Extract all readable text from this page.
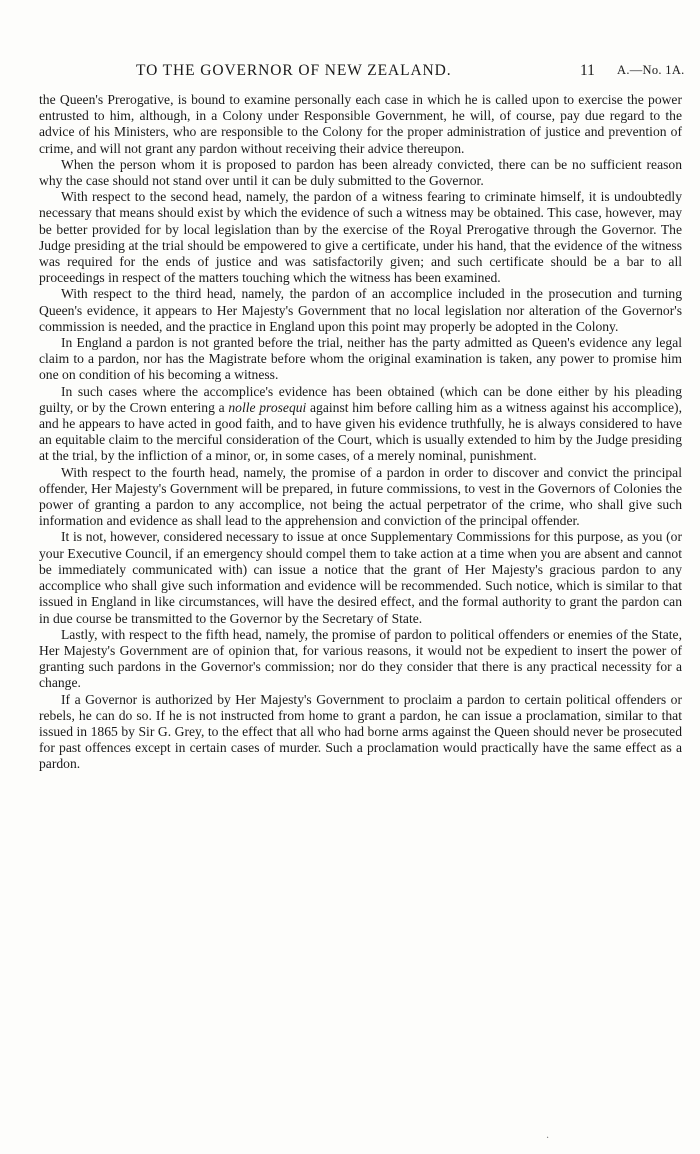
TO THE GOVERNOR OF NEW ZEALAND.	11 A.—No. 1A.

the Queen's Prerogative, is bound to examine personally each case in which he is called upon to exercise the power entrusted to him, although, in a Colony under Responsible Government, he will, of course, pay due regard to the advice of his Ministers, who are responsible to the Colony for the proper administration of justice and prevention of crime, and will not grant any pardon without receiving their advice thereupon.

When the person whom it is proposed to pardon has been already convicted, there can be no sufficient reason why the case should not stand over until it can be duly submitted to the Governor.

With respect to the second head, namely, the pardon of a witness fearing to criminate himself, it is undoubtedly necessary that means should exist by which the evidence of such a witness may be obtained. This case, however, may be better provided for by local legislation than by the exercise of the Royal Prerogative through the Governor. The Judge presiding at the trial should be empowered to give a certificate, under his hand, that the evidence of the witness was required for the ends of justice and was satisfactorily given; and such certificate should be a bar to all proceedings in respect of the matters touching which the witness has been examined.

With respect to the third head, namely, the pardon of an accomplice included in the prosecution and turning Queen's evidence, it appears to Her Majesty's Government that no local legislation nor alteration of the Governor's commission is needed, and the practice in England upon this point may properly be adopted in the Colony.

In England a pardon is not granted before the trial, neither has the party admitted as Queen's evidence any legal claim to a pardon, nor has the Magistrate before whom the original examination is taken, any power to promise him one on condition of his becoming a witness.

In such cases where the accomplice's evidence has been obtained (which can be done either by his pleading guilty, or by the Crown entering a nolle prosequi against him before calling him as a witness against his accomplice), and he appears to have acted in good faith, and to have given his evidence truthfully, he is always considered to have an equitable claim to the merciful consideration of the Court, which is usually extended to him by the Judge presiding at the trial, by the infliction of a minor, or, in some cases, of a merely nominal, punishment.

With respect to the fourth head, namely, the promise of a pardon in order to discover and convict the principal offender, Her Majesty's Government will be prepared, in future commissions, to vest in the Governors of Colonies the power of granting a pardon to any accomplice, not being the actual perpetrator of the crime, who shall give such information and evidence as shall lead to the apprehension and conviction of the principal offender.

It is not, however, considered necessary to issue at once Supplementary Commissions for this purpose, as you (or your Executive Council, if an emergency should compel them to take action at a time when you are absent and cannot be immediately communicated with) can issue a notice that the grant of Her Majesty's gracious pardon to any accomplice who shall give such information and evidence will be recommended. Such notice, which is similar to that issued in England in like circumstances, will have the desired effect, and the formal authority to grant the pardon can in due course be transmitted to the Governor by the Secretary of State.

Lastly, with respect to the fifth head, namely, the promise of pardon to political offenders or enemies of the State, Her Majesty's Government are of opinion that, for various reasons, it would not be expedient to insert the power of granting such pardons in the Governor's commission; nor do they consider that there is any practical necessity for a change.

If a Governor is authorized by Her Majesty's Government to proclaim a pardon to certain political offenders or rebels, he can do so. If he is not instructed from home to grant a pardon, he can issue a proclamation, similar to that issued in 1865 by Sir G. Grey, to the effect that all who had borne arms against the Queen should never be prosecuted for past offences except in certain cases of murder. Such a proclamation would practically have the same effect as a pardon.

.
